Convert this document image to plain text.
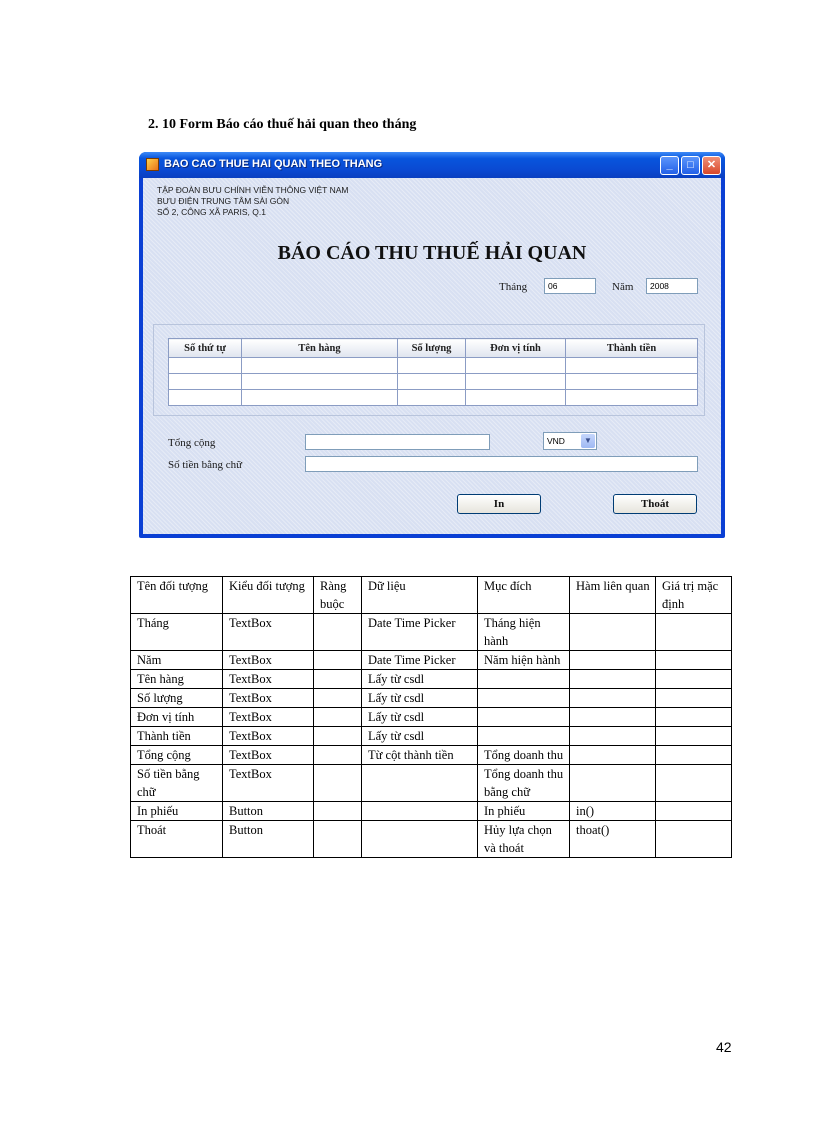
2. 10 Form Báo cáo thuế hải quan theo tháng
BAO CAO THUE HAI QUAN THEO THANG	_	□	✕
TẬP ĐOÀN BƯU CHÍNH VIỄN THÔNG VIỆT NAM
BƯU ĐIỆN TRUNG TÂM SÀI GÒN
SỐ 2, CÔNG XÃ PARIS, Q.1
BÁO CÁO THU THUẾ HẢI QUAN
Tháng	06	Năm	2008
Số thứ tự	Tên hàng	Số lượng	Đơn vị tính	Thành tiền

Tổng cộng	VND	▼
Số tiền bằng chữ
In	Thoát
Tên đối tượng	Kiểu đối tượng	Ràng buộc	Dữ liệu	Mục đích	Hàm liên quan	Giá trị mặc định
Tháng	TextBox		Date Time Picker	Tháng hiện hành		
Năm	TextBox		Date Time Picker	Năm hiện hành		
Tên hàng	TextBox		Lấy từ csdl			
Số lượng	TextBox		Lấy từ csdl			
Đơn vị tính	TextBox		Lấy từ csdl			
Thành tiền	TextBox		Lấy từ csdl			
Tổng cộng	TextBox		Từ cột thành tiền	Tổng doanh thu		
Số tiền bằng chữ	TextBox			Tổng doanh thu bằng chữ		
In phiếu	Button			In phiếu	in()	
Thoát	Button			Hủy lựa chọn và thoát	thoat()	
42
